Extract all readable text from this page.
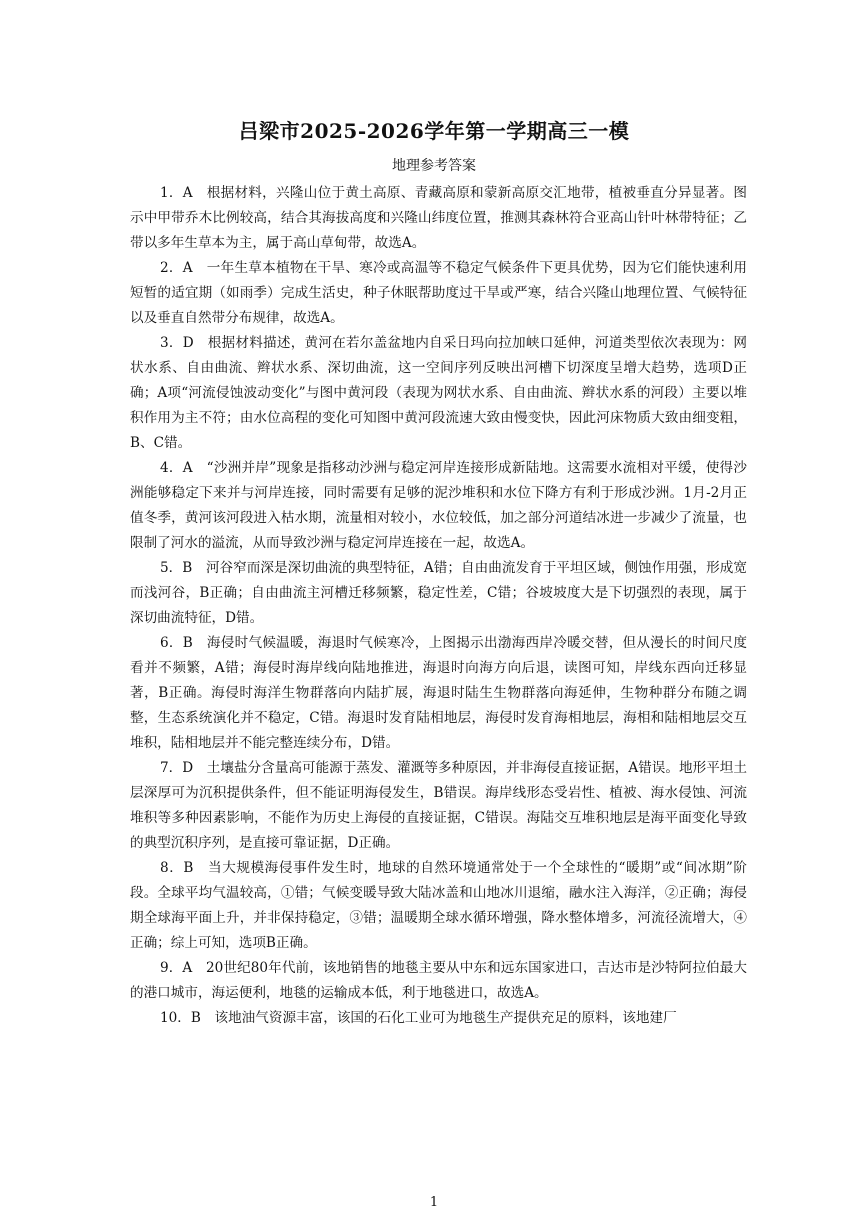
吕梁市2025-2026学年第一学期高三一模
地理参考答案

1．A　根据材料，兴隆山位于黄土高原、青藏高原和蒙新高原交汇地带，植被垂直分异显著。图示中甲带乔木比例较高，结合其海拔高度和兴隆山纬度位置，推测其森林符合亚高山针叶林带特征；乙带以多年生草本为主，属于高山草甸带，故选A。

2．A　一年生草本植物在干旱、寒冷或高温等不稳定气候条件下更具优势，因为它们能快速利用短暂的适宜期（如雨季）完成生活史，种子休眠帮助度过干旱或严寒，结合兴隆山地理位置、气候特征以及垂直自然带分布规律，故选A。

3．D　根据材料描述，黄河在若尔盖盆地内自采日玛向拉加峡口延伸，河道类型依次表现为：网状水系、自由曲流、辫状水系、深切曲流，这一空间序列反映出河槽下切深度呈增大趋势，选项D正确；A项“河流侵蚀波动变化”与图中黄河段（表现为网状水系、自由曲流、辫状水系的河段）主要以堆积作用为主不符；由水位高程的变化可知图中黄河段流速大致由慢变快，因此河床物质大致由细变粗，B、C错。

4．A　“沙洲并岸”现象是指移动沙洲与稳定河岸连接形成新陆地。这需要水流相对平缓，使得沙洲能够稳定下来并与河岸连接，同时需要有足够的泥沙堆积和水位下降方有利于形成沙洲。1月-2月正值冬季，黄河该河段进入枯水期，流量相对较小，水位较低，加之部分河道结冰进一步减少了流量，也限制了河水的溢流，从而导致沙洲与稳定河岸连接在一起，故选A。

5．B　河谷窄而深是深切曲流的典型特征，A错；自由曲流发育于平坦区域，侧蚀作用强，形成宽而浅河谷，B正确；自由曲流主河槽迁移频繁，稳定性差，C错；谷坡坡度大是下切强烈的表现，属于深切曲流特征，D错。

6．B　海侵时气候温暖，海退时气候寒冷，上图揭示出渤海西岸冷暖交替，但从漫长的时间尺度看并不频繁，A错；海侵时海岸线向陆地推进，海退时向海方向后退，读图可知，岸线东西向迁移显著，B正确。海侵时海洋生物群落向内陆扩展，海退时陆生生物群落向海延伸，生物种群分布随之调整，生态系统演化并不稳定，C错。海退时发育陆相地层，海侵时发育海相地层，海相和陆相地层交互堆积，陆相地层并不能完整连续分布，D错。

7．D　土壤盐分含量高可能源于蒸发、灌溉等多种原因，并非海侵直接证据，A错误。地形平坦土层深厚可为沉积提供条件，但不能证明海侵发生，B错误。海岸线形态受岩性、植被、海水侵蚀、河流堆积等多种因素影响，不能作为历史上海侵的直接证据，C错误。海陆交互堆积地层是海平面变化导致的典型沉积序列，是直接可靠证据，D正确。

8．B　当大规模海侵事件发生时，地球的自然环境通常处于一个全球性的“暖期”或“间冰期”阶段。全球平均气温较高，①错；气候变暖导致大陆冰盖和山地冰川退缩，融水注入海洋，②正确；海侵期全球海平面上升，并非保持稳定，③错；温暖期全球水循环增强，降水整体增多，河流径流增大，④正确；综上可知，选项B正确。

9．A　20世纪80年代前，该地销售的地毯主要从中东和远东国家进口，吉达市是沙特阿拉伯最大的港口城市，海运便利，地毯的运输成本低，利于地毯进口，故选A。

10．B　该地油气资源丰富，该国的石化工业可为地毯生产提供充足的原料，该地建厂

1
